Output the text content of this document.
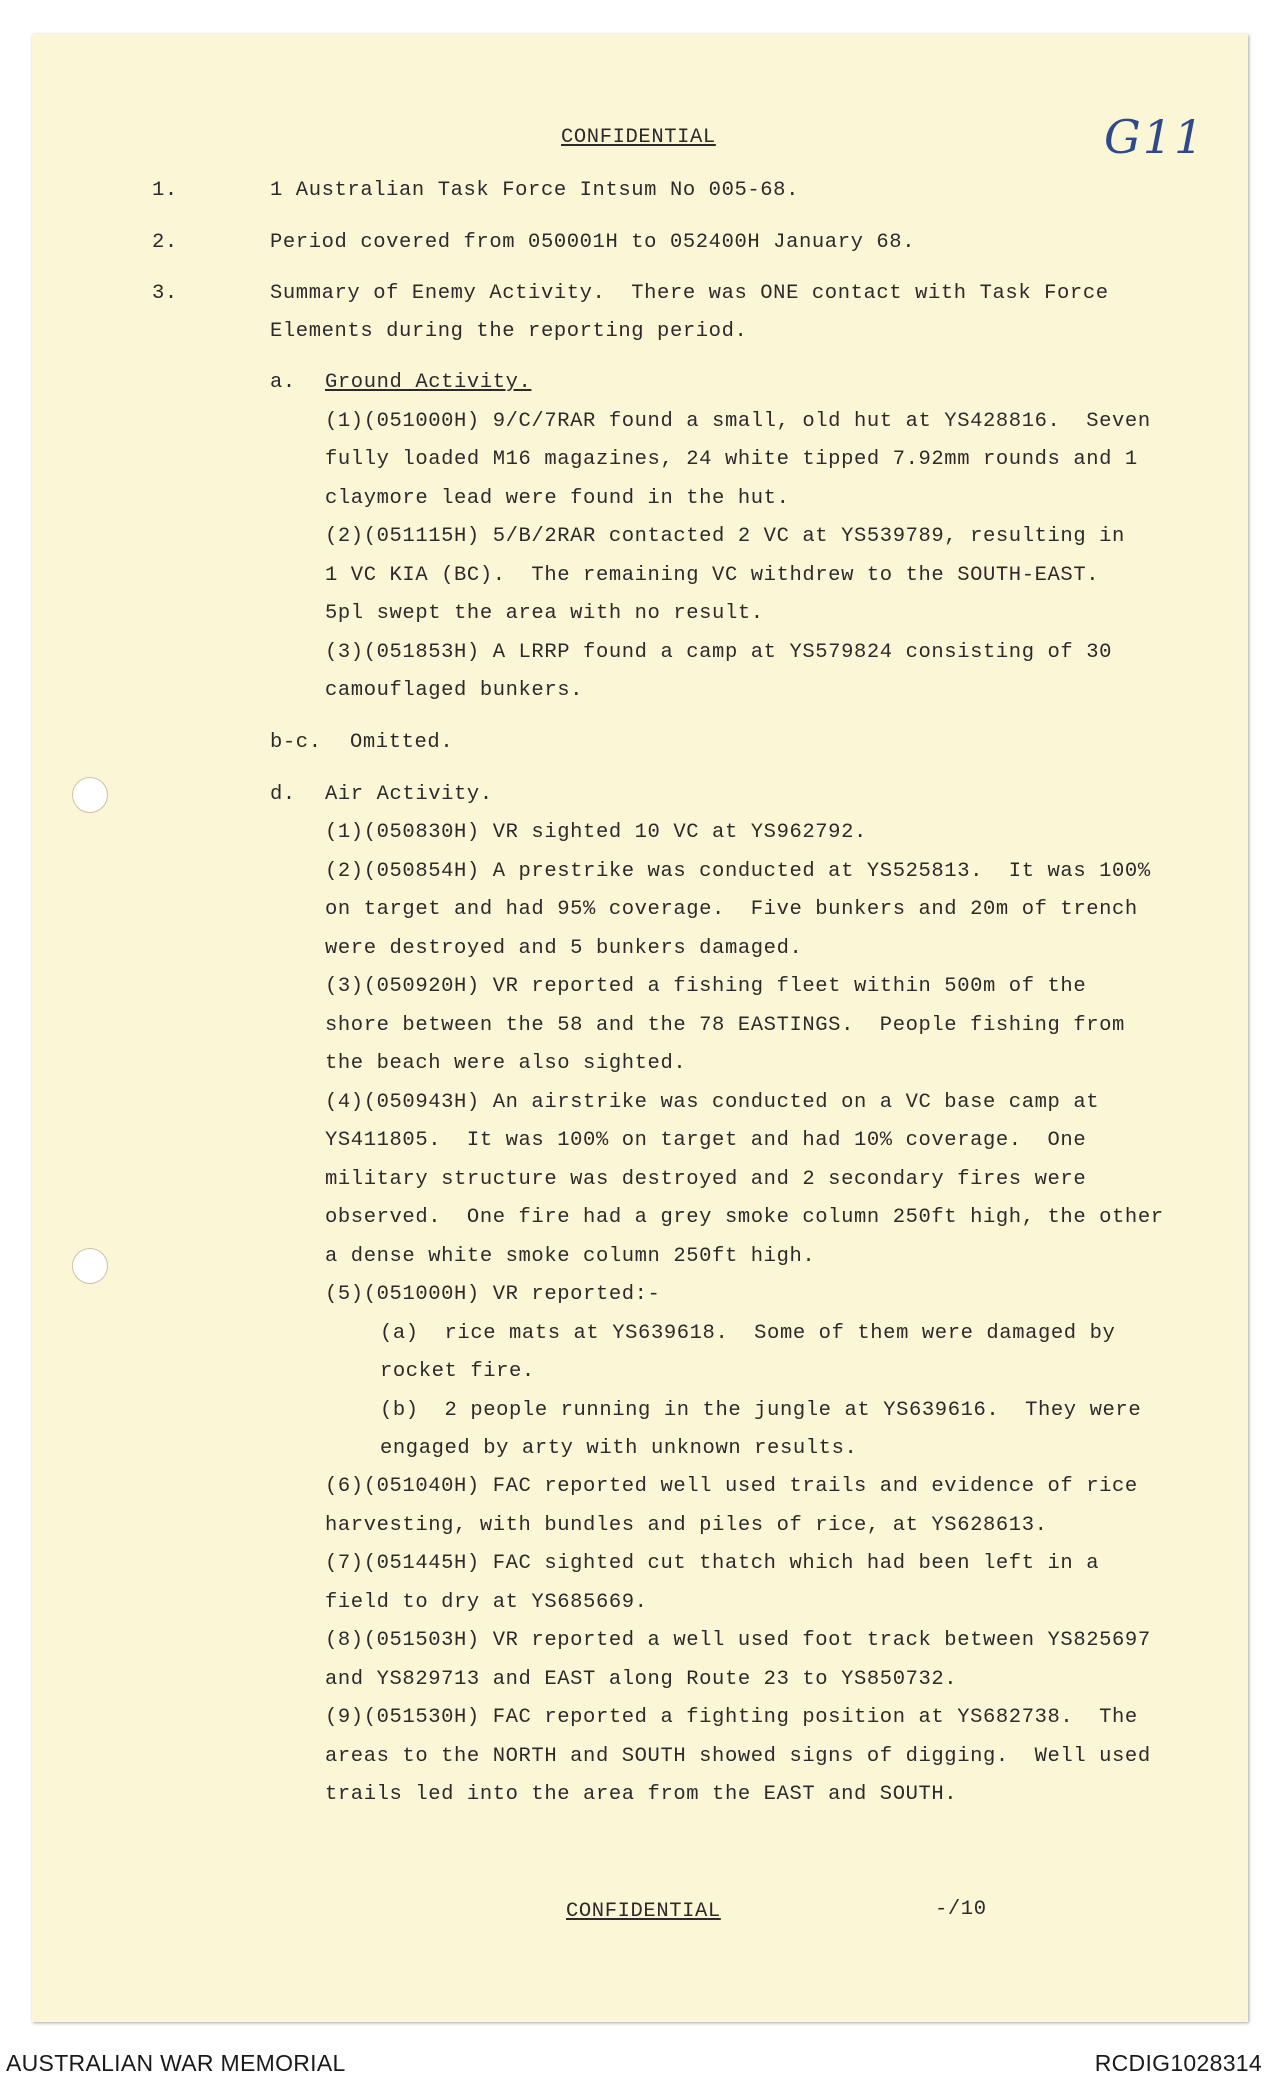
CONFIDENTIAL	G11
1.	1 Australian Task Force Intsum No 005-68.
2.	Period covered from 050001H to 052400H January 68.
3.	Summary of Enemy Activity.  There was ONE contact with Task Force
Elements during the reporting period.
a. Ground Activity.
(1)(051000H) 9/C/7RAR found a small, old hut at YS428816.  Seven
fully loaded M16 magazines, 24 white tipped 7.92mm rounds and 1
claymore lead were found in the hut.
(2)(051115H) 5/B/2RAR contacted 2 VC at YS539789, resulting in
1 VC KIA (BC).  The remaining VC withdrew to the SOUTH-EAST.
5pl swept the area with no result.
(3)(051853H) A LRRP found a camp at YS579824 consisting of 30
camouflaged bunkers.
b-c. Omitted.
d. Air Activity.
(1)(050830H) VR sighted 10 VC at YS962792.
(2)(050854H) A prestrike was conducted at YS525813.  It was 100%
on target and had 95% coverage.  Five bunkers and 20m of trench
were destroyed and 5 bunkers damaged.
(3)(050920H) VR reported a fishing fleet within 500m of the
shore between the 58 and the 78 EASTINGS.  People fishing from
the beach were also sighted.
(4)(050943H) An airstrike was conducted on a VC base camp at
YS411805.  It was 100% on target and had 10% coverage.  One
military structure was destroyed and 2 secondary fires were
observed.  One fire had a grey smoke column 250ft high, the other
a dense white smoke column 250ft high.
(5)(051000H) VR reported:-
(a)  rice mats at YS639618.  Some of them were damaged by
rocket fire.
(b)  2 people running in the jungle at YS639616.  They were
engaged by arty with unknown results.
(6)(051040H) FAC reported well used trails and evidence of rice
harvesting, with bundles and piles of rice, at YS628613.
(7)(051445H) FAC sighted cut thatch which had been left in a
field to dry at YS685669.
(8)(051503H) VR reported a well used foot track between YS825697
and YS829713 and EAST along Route 23 to YS850732.
(9)(051530H) FAC reported a fighting position at YS682738.  The
areas to the NORTH and SOUTH showed signs of digging.  Well used
trails led into the area from the EAST and SOUTH.
CONFIDENTIAL	-/10
AUSTRALIAN WAR MEMORIAL	RCDIG1028314
